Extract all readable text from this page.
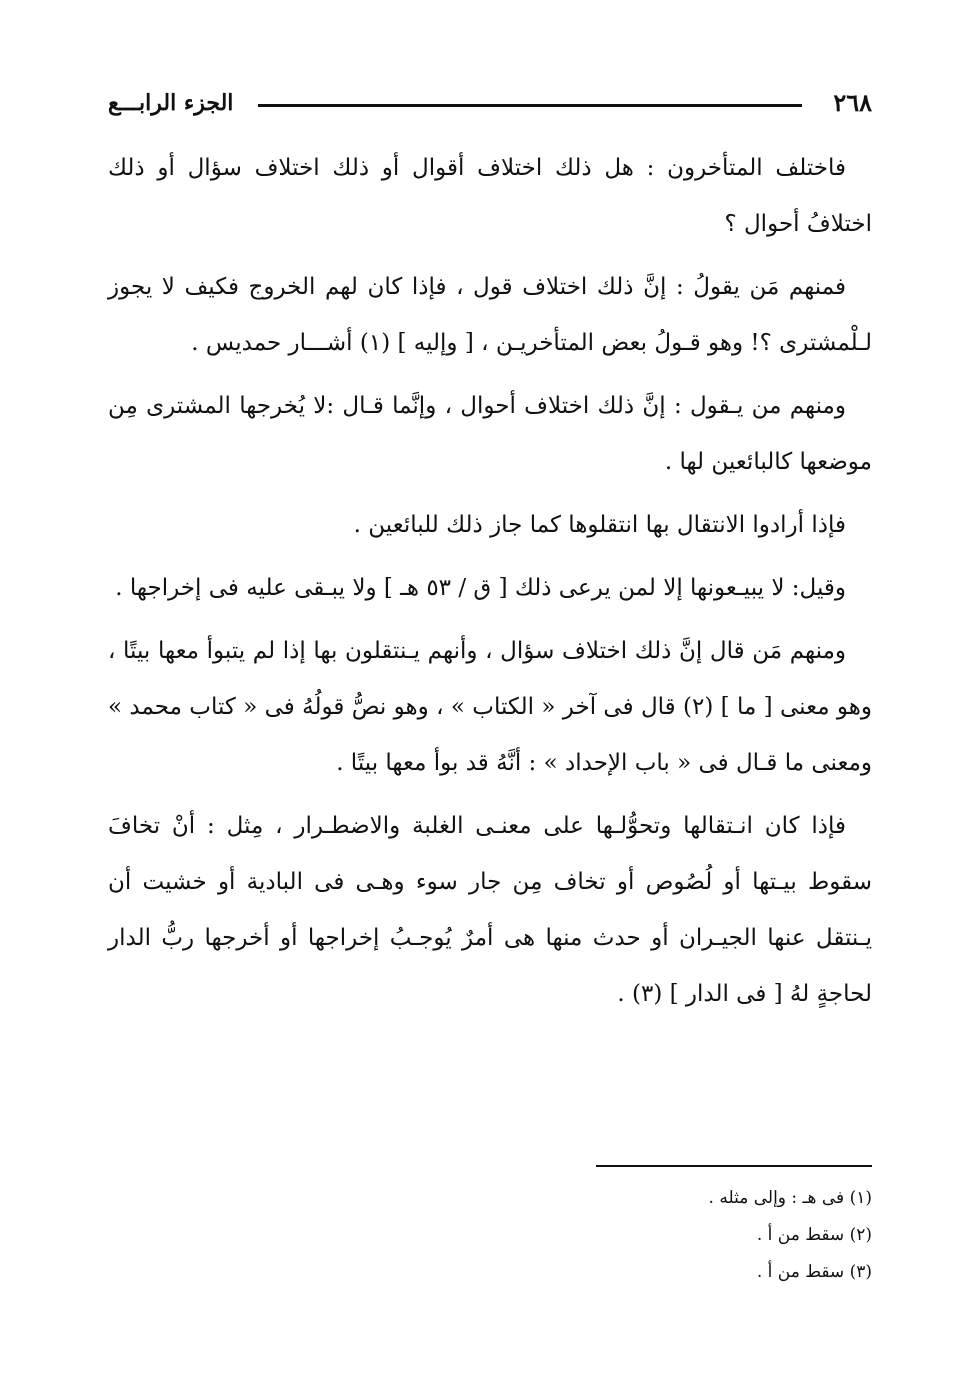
الجزء الرابـــع	٢٦٨

فاختلف المتأخرون : هل ذلك اختلاف أقوال أو ذلك اختلاف سؤال أو ذلك اختلافُ أحوال ؟

فمنهم مَن يقولُ : إنَّ ذلك اختلاف قول ، فإذا كان لهم الخروج فكيف لا يجوز لـلْمشترى ؟! وهو قـولُ بعض المتأخريـن ، [ وإليه ] (١) أشـــار حمديس .

ومنهم من يـقول : إنَّ ذلك اختلاف أحوال ، وإنَّما قـال :لا يُخرجها المشترى مِن موضعها كالبائعين لها .

فإذا أرادوا الانتقال بها انتقلوها كما جاز ذلك للبائعين .

وقيل: لا يبيـعونها إلا لمن يرعى ذلك [ ق / ٥٣ هـ ] ولا يبـقى عليه فى إخراجها .

ومنهم مَن قال إنَّ ذلك اختلاف سؤال ، وأنهم يـنتقلون بها إذا لم يتبوأ معها بيتًا ، وهو معنى [ ما ] (٢) قال فى آخر « الكتاب » ، وهو نصُّ قولُهُ فى « كتاب محمد » ومعنى ما قـال فى « باب الإحداد » : أنَّهُ قد بوأ معها بيتًا .

فإذا كان انـتقالها وتحوُّلـها على معنـى الغلبة والاضطـرار ، مِثل : أنْ تخافَ سقوط بيـتها أو لُصُوص أو تخاف مِن جار سوء وهـى فى البادية أو خشيت أن يـنتقل عنها الجيـران أو حدث منها هى أمرٌ يُوجـبُ إخراجها أو أخرجها ربُّ الدار لحاجةٍ لهُ [ فى الدار ] (٣) .

(١) فى هـ : وإلى مثله .
(٢) سقط من أ .
(٣) سقط من أ .
